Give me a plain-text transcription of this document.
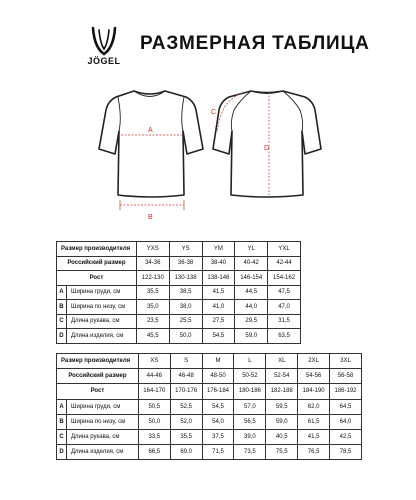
JÖGEL
РАЗМЕРНАЯ ТАБЛИЦА
A
B
C
D
Размер производителя		YXS	YS	YM	YL	YXL
Российский размер		34-36	36-38	38-40	40-42	42-44
Рост		122-130	130-138	138-146	146-154	154-162
A	Ширина груди, см	35,5	38,5	41,5	44,5	47,5
B	Ширина по низу, см	35,0	38,0	41,0	44,0	47,0
C	Длина рукава, см	23,5	25,5	27,5	29,5	31,5
D	Длина изделия, см	45,5	50,0	54,5	59,0	63,5
Размер производителя		XS	S	M	L	XL	2XL	3XL
Российский размер		44-46	46-48	48-50	50-52	52-54	54-56	56-58
Рост		164-170	170-176	176-184	180-186	182-188	184-190	186-192
A	Ширина груди, см	50,5	52,5	54,5	57,0	59,5	62,0	64,5
B	Ширина по низу, см	50,0	52,0	54,0	56,5	59,0	61,5	64,0
C	Длина рукава, см	33,5	35,5	37,5	39,0	40,5	41,5	42,5
D	Длина изделия, см	66,5	69,0	71,5	73,5	75,5	76,5	78,5
